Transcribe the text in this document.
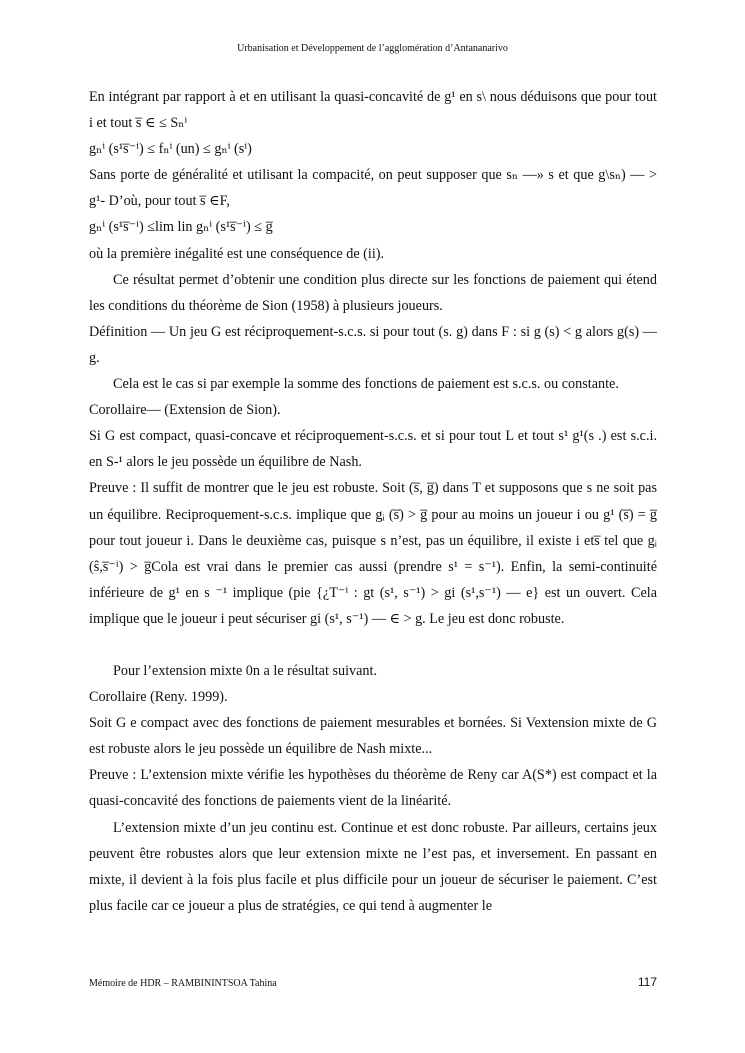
Urbanisation et Développement de l’agglomération d’Antananarivo

En intégrant par rapport à et en utilisant la quasi-concavité de g¹ en s\ nous déduisons que pour tout i et tout s̅ ∈ ≤ Sₙⁱ

gₙⁱ (s¹s̅⁻ⁱ) ≤ fₙⁱ (un) ≤ gₙⁱ (sⁱ)

Sans porte de généralité et utilisant la compacité, on peut supposer que sₙ —» s et que g\sₙ) — > g¹- D’où, pour tout s̅ ∈F,

gₙⁱ (s¹s̅⁻ⁱ) ≤lim lin gₙⁱ (s¹s̅⁻ⁱ) ≤ g̅

où la première inégalité est une conséquence de (ii).

Ce résultat permet d’obtenir une condition plus directe sur les fonctions de paiement qui étend les conditions du théorème de Sion (1958) à plusieurs joueurs.

Définition — Un jeu G est réciproquement-s.c.s. si pour tout (s. g) dans F : si g (s) < g alors g(s) — g.

Cela est le cas si par exemple la somme des fonctions de paiement est s.c.s. ou constante.

Corollaire— (Extension de Sion).

Si G est compact, quasi-concave et réciproquement-s.c.s. et si pour tout L et tout s¹ g¹(s .) est s.c.i. en S-¹ alors le jeu possède un équilibre de Nash.

Preuve : Il suffit de montrer que le jeu est robuste. Soit (s̅, g̅) dans T et supposons que s ne soit pas un équilibre. Reciproquement-s.c.s. implique que gᵢ (s̅) > g̅ pour au moins un joueur i ou g¹ (s̅) = g̅ pour tout joueur i. Dans le deuxième cas, puisque s n’est, pas un équilibre, il existe i ets̅ tel que gᵢ (ŝ,s̅⁻ⁱ) > g̅Cola est vrai dans le premier cas aussi (prendre s¹ = s⁻¹). Enfin, la semi-continuité inférieure de g¹ en s ⁻¹ implique (pie {¿T⁻ⁱ : gt (s¹, s⁻¹) > gi (s¹,s⁻¹) — e} est un ouvert. Cela implique que le joueur i peut sécuriser gi (s¹, s⁻¹) — ∈ > g. Le jeu est donc robuste.

Pour l’extension mixte 0n a le résultat suivant.

Corollaire (Reny. 1999).

Soit G e compact avec des fonctions de paiement mesurables et bornées. Si Vextension mixte de G est robuste alors le jeu possède un équilibre de Nash mixte...

Preuve : L’extension mixte vérifie les hypothèses du théorème de Reny car A(S*) est compact et la quasi-concavité des fonctions de paiements vient de la linéarité.

L’extension mixte d’un jeu continu est. Continue et est donc robuste. Par ailleurs, certains jeux peuvent être robustes alors que leur extension mixte ne l’est pas, et inversement. En passant en mixte, il devient à la fois plus facile et plus difficile pour un joueur de sécuriser le paiement. C’est plus facile car ce joueur a plus de stratégies, ce qui tend à augmenter le

Mémoire de HDR – RAMBININTSOA Tahina	117
